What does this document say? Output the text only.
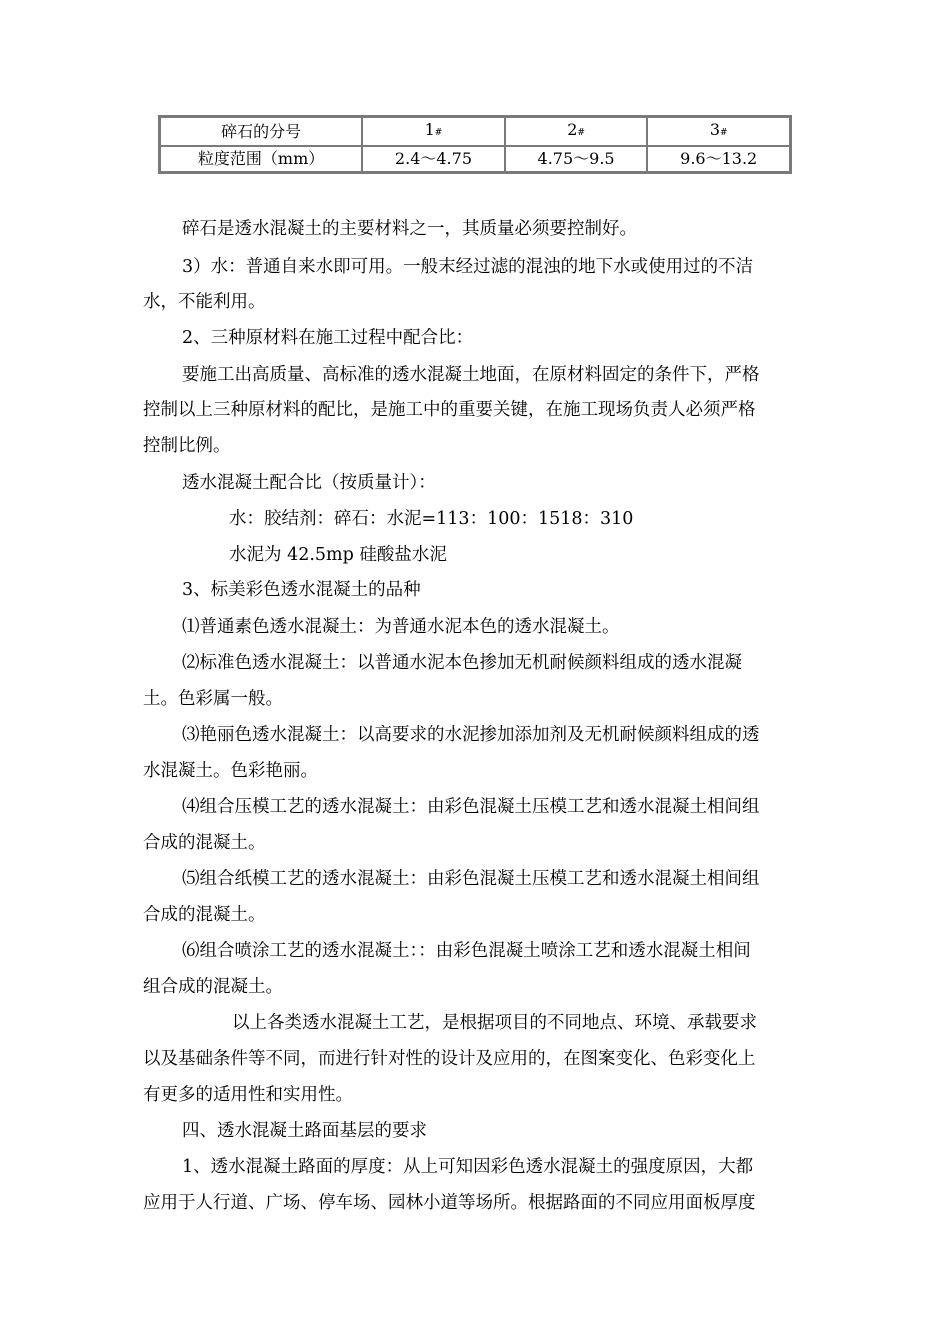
碎石的分号	1#	2#	3#
粒度范围（mm）	2.4～4.75	4.75～9.5	9.6～13.2
碎石是透水混凝土的主要材料之一，其质量必须要控制好。
3）水：普通自来水即可用。一般末经过滤的混浊的地下水或使用过的不洁
水，不能利用。
2、三种原材料在施工过程中配合比：
要施工出高质量、高标准的透水混凝土地面，在原材料固定的条件下，严格
控制以上三种原材料的配比，是施工中的重要关键，在施工现场负责人必须严格
控制比例。
透水混凝土配合比（按质量计）：
水：胶结剂：碎石：水泥=113：100：1518：310
水泥为 42.5mp 硅酸盐水泥
3、标美彩色透水混凝土的品种
⑴普通素色透水混凝土：为普通水泥本色的透水混凝土。
⑵标准色透水混凝土：以普通水泥本色掺加无机耐候颜料组成的透水混凝
土。色彩属一般。
⑶艳丽色透水混凝土：以高要求的水泥掺加添加剂及无机耐候颜料组成的透
水混凝土。色彩艳丽。
⑷组合压模工艺的透水混凝土：由彩色混凝土压模工艺和透水混凝土相间组
合成的混凝土。
⑸组合纸模工艺的透水混凝土：由彩色混凝土压模工艺和透水混凝土相间组
合成的混凝土。
⑹组合喷涂工艺的透水混凝土：：由彩色混凝土喷涂工艺和透水混凝土相间
组合成的混凝土。
以上各类透水混凝土工艺，是根据项目的不同地点、环境、承载要求
以及基础条件等不同，而进行针对性的设计及应用的，在图案变化、色彩变化上
有更多的适用性和实用性。
四、透水混凝土路面基层的要求
1、透水混凝土路面的厚度：从上可知因彩色透水混凝土的强度原因，大都
应用于人行道、广场、停车场、园林小道等场所。根据路面的不同应用面板厚度
